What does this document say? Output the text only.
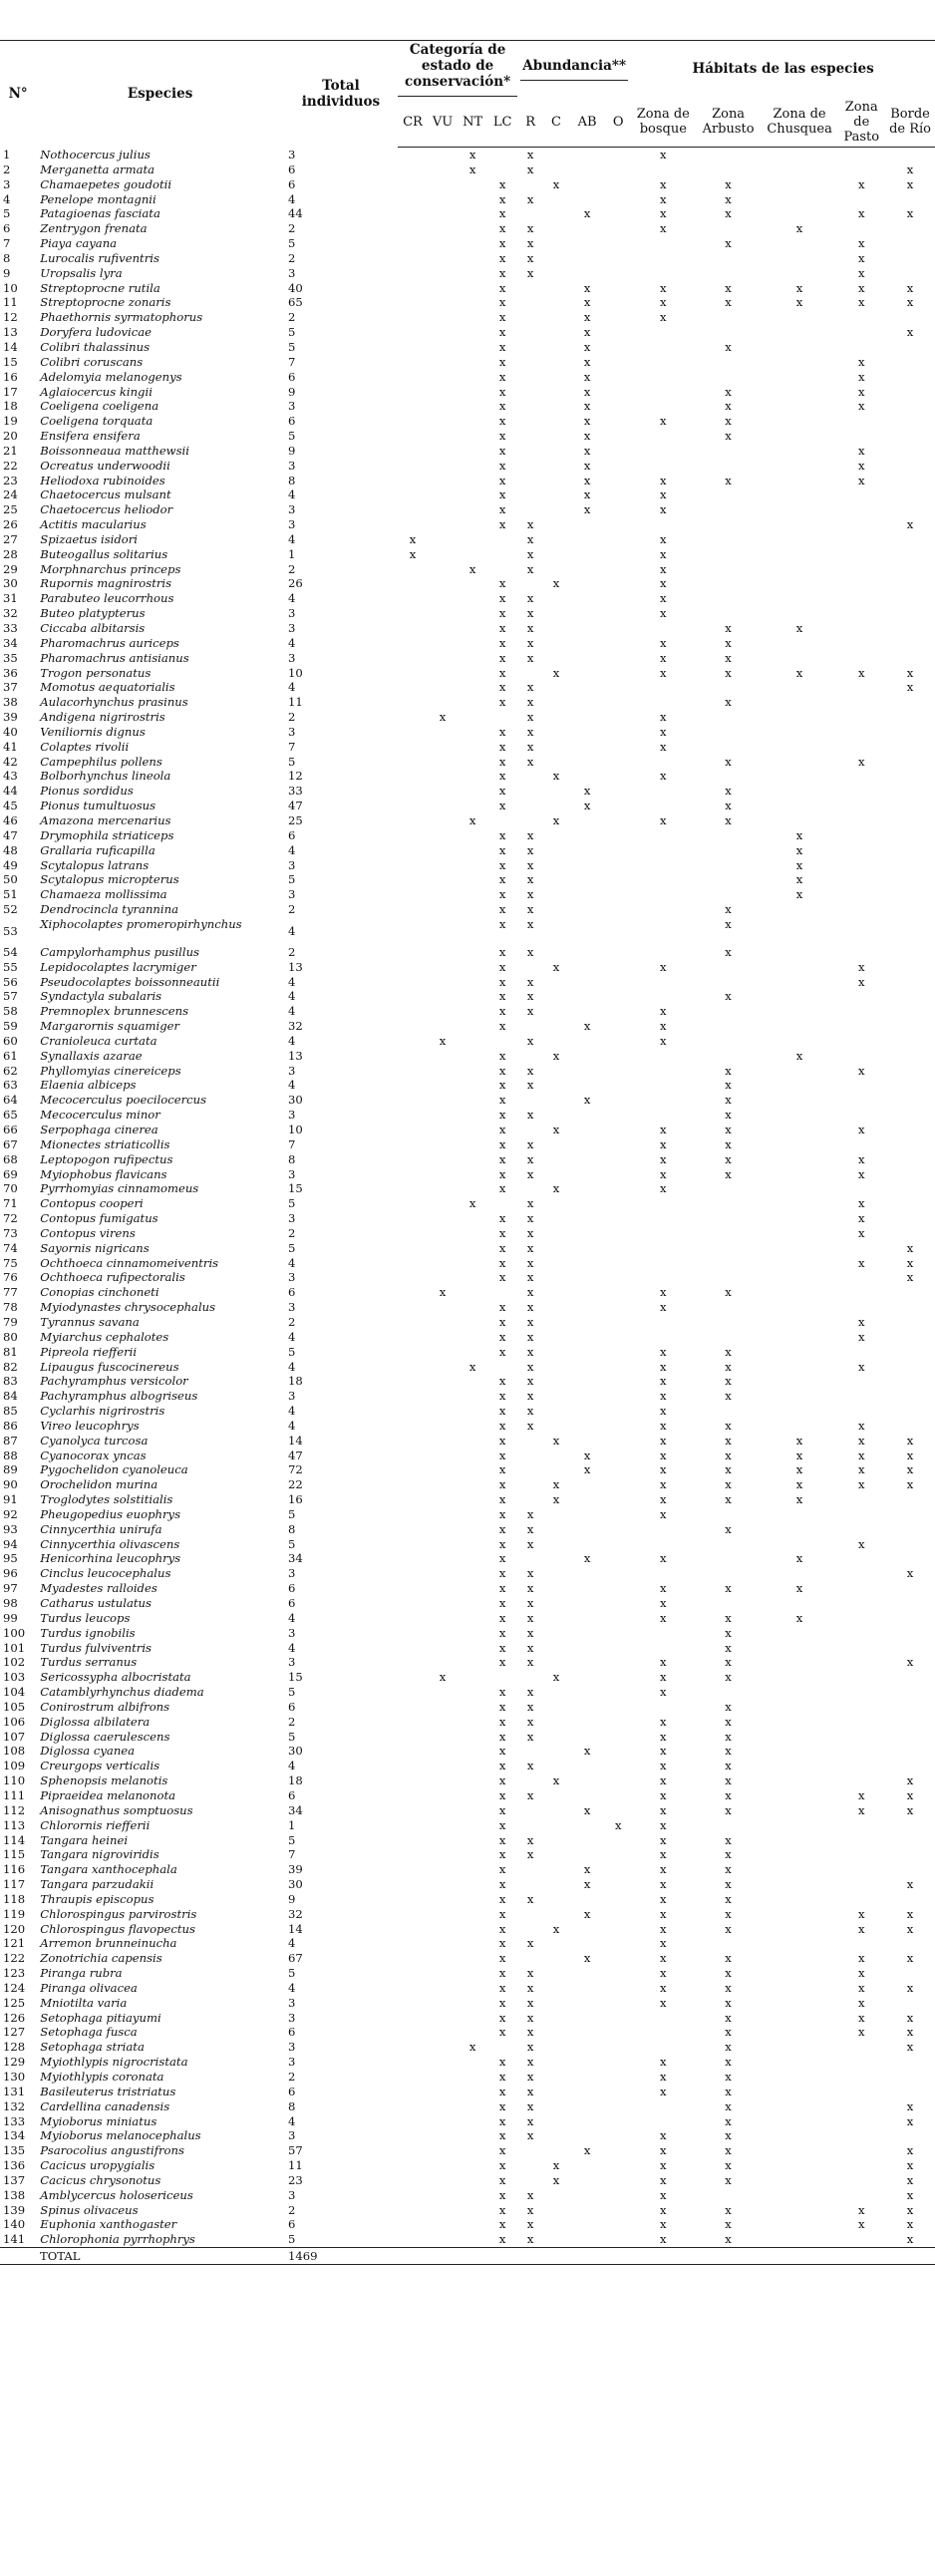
N°	Especies	Total individuos	Categoría de estado de conservación*				Abundancia**				Hábitats de las especies				
			CR	VU	NT	LC	R	C	AB	O	Zona de bosque	Zona Arbusto	Zona de Chusquea	Zona de Pasto	Borde de Río
1	Nothocercus julius	3			x		x				x				
2	Merganetta armata	6			x		x								x
3	Chamaepetes goudotii	6				x		x			x	x		x	x
4	Penelope montagnii	4				x	x				x	x			
5	Patagioenas fasciata	44				x			x		x	x		x	x
6	Zentrygon frenata	2				x	x				x		x		
7	Piaya cayana	5				x	x					x		x	
8	Lurocalis rufiventris	2				x	x							x	
9	Uropsalis lyra	3				x	x							x	
10	Streptoprocne rutila	40				x			x		x	x	x	x	x
11	Streptoprocne zonaris	65				x			x		x	x	x	x	x
12	Phaethornis syrmatophorus	2				x			x		x				
13	Doryfera ludovicae	5				x			x						x
14	Colibri thalassinus	5				x			x			x			
15	Colibri coruscans	7				x			x					x	
16	Adelomyia melanogenys	6				x			x					x	
17	Aglaiocercus kingii	9				x			x			x		x	
18	Coeligena coeligena	3				x			x			x		x	
19	Coeligena torquata	6				x			x		x	x			
20	Ensifera ensifera	5				x			x			x			
21	Boissonneaua matthewsii	9				x			x					x	
22	Ocreatus underwoodii	3				x			x					x	
23	Heliodoxa rubinoides	8				x			x		x	x		x	
24	Chaetocercus mulsant	4				x			x		x				
25	Chaetocercus heliodor	3				x			x		x				
26	Actitis macularius	3				x	x								x
27	Spizaetus isidori	4	x				x				x				
28	Buteogallus solitarius	1	x				x				x				
29	Morphnarchus princeps	2			x		x				x				
30	Rupornis magnirostris	26				x		x			x				
31	Parabuteo leucorrhous	4				x	x				x				
32	Buteo platypterus	3				x	x				x				
33	Ciccaba albitarsis	3				x	x					x	x		
34	Pharomachrus auriceps	4				x	x				x	x			
35	Pharomachrus antisianus	3				x	x				x	x			
36	Trogon personatus	10				x		x			x	x	x	x	x
37	Momotus aequatorialis	4				x	x								x
38	Aulacorhynchus prasinus	11				x	x					x			
39	Andigena nigrirostris	2		x			x				x				
40	Veniliornis dignus	3				x	x				x				
41	Colaptes rivolii	7				x	x				x				
42	Campephilus pollens	5				x	x					x		x	
43	Bolborhynchus lineola	12				x		x			x				
44	Pionus sordidus	33				x			x			x			
45	Pionus tumultuosus	47				x			x			x			
46	Amazona mercenarius	25			x			x			x	x			
47	Drymophila striaticeps	6				x	x						x		
48	Grallaria ruficapilla	4				x	x						x		
49	Scytalopus latrans	3				x	x						x		
50	Scytalopus micropterus	5				x	x						x		
51	Chamaeza mollissima	3				x	x						x		
52	Dendrocincla tyrannina	2				x	x					x			
53	Xiphocolaptes promeropirhynchus	4				x	x					x			
54	Campylorhamphus pusillus	2				x	x					x			
55	Lepidocolaptes lacrymiger	13				x		x			x			x	
56	Pseudocolaptes boissonneautii	4				x	x							x	
57	Syndactyla subalaris	4				x	x					x			
58	Premnoplex brunnescens	4				x	x				x				
59	Margarornis squamiger	32				x			x		x				
60	Cranioleuca curtata	4		x			x				x				
61	Synallaxis azarae	13				x		x					x		
62	Phyllomyias cinereiceps	3				x	x					x		x	
63	Elaenia albiceps	4				x	x					x			
64	Mecocerculus poecilocercus	30				x			x			x			
65	Mecocerculus minor	3				x	x					x			
66	Serpophaga cinerea	10				x		x			x	x		x	
67	Mionectes striaticollis	7				x	x				x	x			
68	Leptopogon rufipectus	8				x	x				x	x		x	
69	Myiophobus flavicans	3				x	x				x	x		x	
70	Pyrrhomyias cinnamomeus	15				x		x			x				
71	Contopus cooperi	5			x		x							x	
72	Contopus fumigatus	3				x	x							x	
73	Contopus virens	2				x	x							x	
74	Sayornis nigricans	5				x	x								x
75	Ochthoeca cinnamomeiventris	4				x	x							x	x
76	Ochthoeca rufipectoralis	3				x	x								x
77	Conopias cinchoneti	6		x			x				x	x			
78	Myiodynastes chrysocephalus	3				x	x				x				
79	Tyrannus savana	2				x	x							x	
80	Myiarchus cephalotes	4				x	x							x	
81	Pipreola riefferii	5				x	x				x	x			
82	Lipaugus fuscocinereus	4			x		x				x	x		x	
83	Pachyramphus versicolor	18				x	x				x	x			
84	Pachyramphus albogriseus	3				x	x				x	x			
85	Cyclarhis nigrirostris	4				x	x				x				
86	Vireo leucophrys	4				x	x				x	x		x	
87	Cyanolyca turcosa	14				x		x			x	x	x	x	x
88	Cyanocorax yncas	47				x			x		x	x	x	x	x
89	Pygochelidon cyanoleuca	72				x			x		x	x	x	x	x
90	Orochelidon murina	22				x		x			x	x	x	x	x
91	Troglodytes solstitialis	16				x		x			x	x	x		
92	Pheugopedius euophrys	5				x	x				x				
93	Cinnycerthia unirufa	8				x	x					x			
94	Cinnycerthia olivascens	5				x	x							x	
95	Henicorhina leucophrys	34				x			x		x		x		
96	Cinclus leucocephalus	3				x	x								x
97	Myadestes ralloides	6				x	x				x	x	x		
98	Catharus ustulatus	6				x	x				x				
99	Turdus leucops	4				x	x				x	x	x		
100	Turdus ignobilis	3				x	x					x			
101	Turdus fulviventris	4				x	x					x			
102	Turdus serranus	3				x	x				x	x			x
103	Sericossypha albocristata	15		x				x			x	x			
104	Catamblyrhynchus diadema	5				x	x				x				
105	Conirostrum albifrons	6				x	x					x			
106	Diglossa albilatera	2				x	x				x	x			
107	Diglossa caerulescens	5				x	x				x	x			
108	Diglossa cyanea	30				x			x		x	x			
109	Creurgops verticalis	4				x	x				x	x			
110	Sphenopsis melanotis	18				x		x			x	x			x
111	Pipraeidea melanonota	6				x	x				x	x		x	x
112	Anisognathus somptuosus	34				x			x		x	x		x	x
113	Chlorornis riefferii	1				x				x	x				
114	Tangara heinei	5				x	x				x	x			
115	Tangara nigroviridis	7				x	x				x	x			
116	Tangara xanthocephala	39				x			x		x	x			
117	Tangara parzudakii	30				x			x		x	x			x
118	Thraupis episcopus	9				x	x				x	x			
119	Chlorospingus parvirostris	32				x			x		x	x		x	x
120	Chlorospingus flavopectus	14				x		x			x	x		x	x
121	Arremon brunneinucha	4				x	x				x				
122	Zonotrichia capensis	67				x			x		x	x		x	x
123	Piranga rubra	5				x	x				x	x		x	
124	Piranga olivacea	4				x	x				x	x		x	x
125	Mniotilta varia	3				x	x				x	x		x	
126	Setophaga pitiayumi	3				x	x					x		x	x
127	Setophaga fusca	6				x	x					x		x	x
128	Setophaga striata	3			x		x					x			x
129	Myiothlypis nigrocristata	3				x	x				x	x			
130	Myiothlypis coronata	2				x	x				x	x			
131	Basileuterus tristriatus	6				x	x				x	x			
132	Cardellina canadensis	8				x	x					x			x
133	Myioborus miniatus	4				x	x					x			x
134	Myioborus melanocephalus	3				x	x				x	x			
135	Psarocolius angustifrons	57				x			x		x	x			x
136	Cacicus uropygialis	11				x		x			x	x			x
137	Cacicus chrysonotus	23				x		x			x	x			x
138	Amblycercus holosericeus	3				x	x				x				x
139	Spinus olivaceus	2				x	x				x	x		x	x
140	Euphonia xanthogaster	6				x	x				x	x		x	x
141	Chlorophonia pyrrhophrys	5				x	x				x	x			x
TOTAL		1469													
